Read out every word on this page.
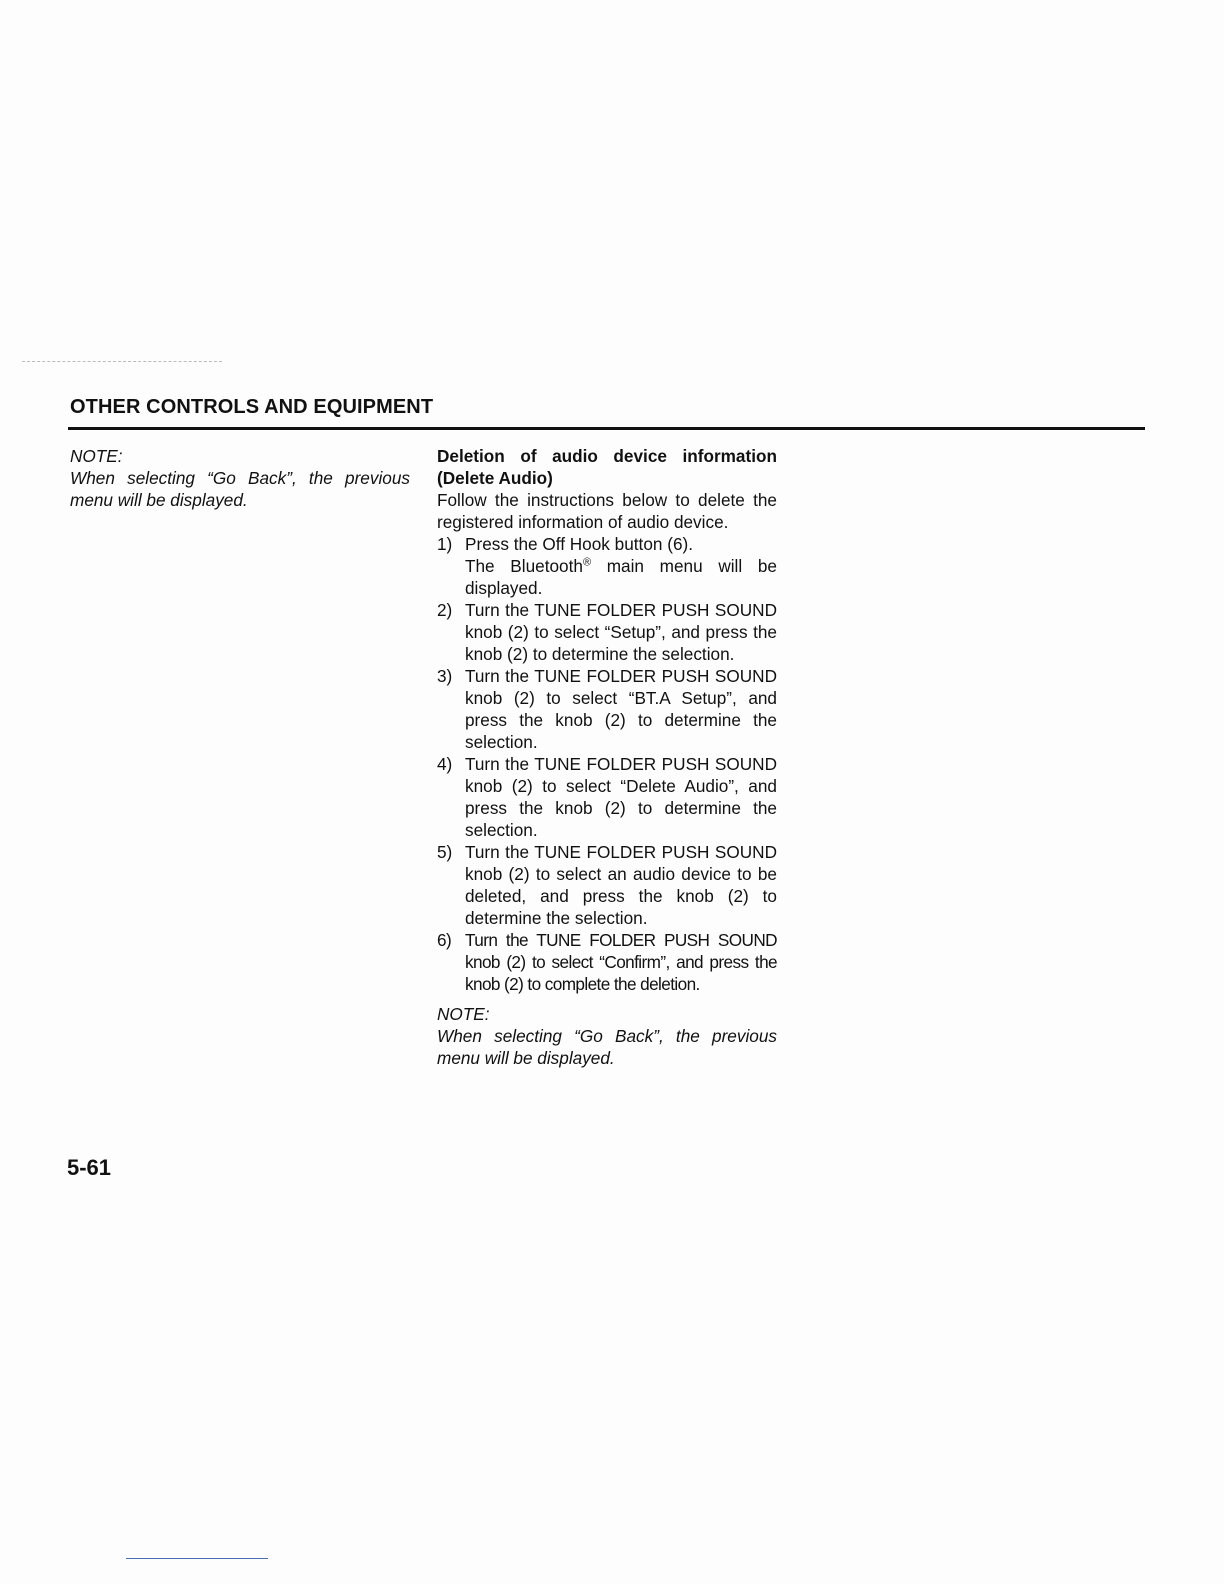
OTHER CONTROLS AND EQUIPMENT
NOTE:
When selecting “Go Back”, the previous menu will be displayed.
Deletion of audio device information (Delete Audio)
Follow the instructions below to delete the registered information of audio device.
1) Press the Off Hook button (6).
The Bluetooth® main menu will be displayed.
2) Turn the TUNE FOLDER PUSH SOUND knob (2) to select “Setup”, and press the knob (2) to determine the selection.
3) Turn the TUNE FOLDER PUSH SOUND knob (2) to select “BT.A Setup”, and press the knob (2) to determine the selection.
4) Turn the TUNE FOLDER PUSH SOUND knob (2) to select “Delete Audio”, and press the knob (2) to determine the selection.
5) Turn the TUNE FOLDER PUSH SOUND knob (2) to select an audio device to be deleted, and press the knob (2) to determine the selection.
6) Turn the TUNE FOLDER PUSH SOUND knob (2) to select “Confirm”, and press the knob (2) to complete the deletion.
NOTE:
When selecting “Go Back”, the previous menu will be displayed.
5-61
